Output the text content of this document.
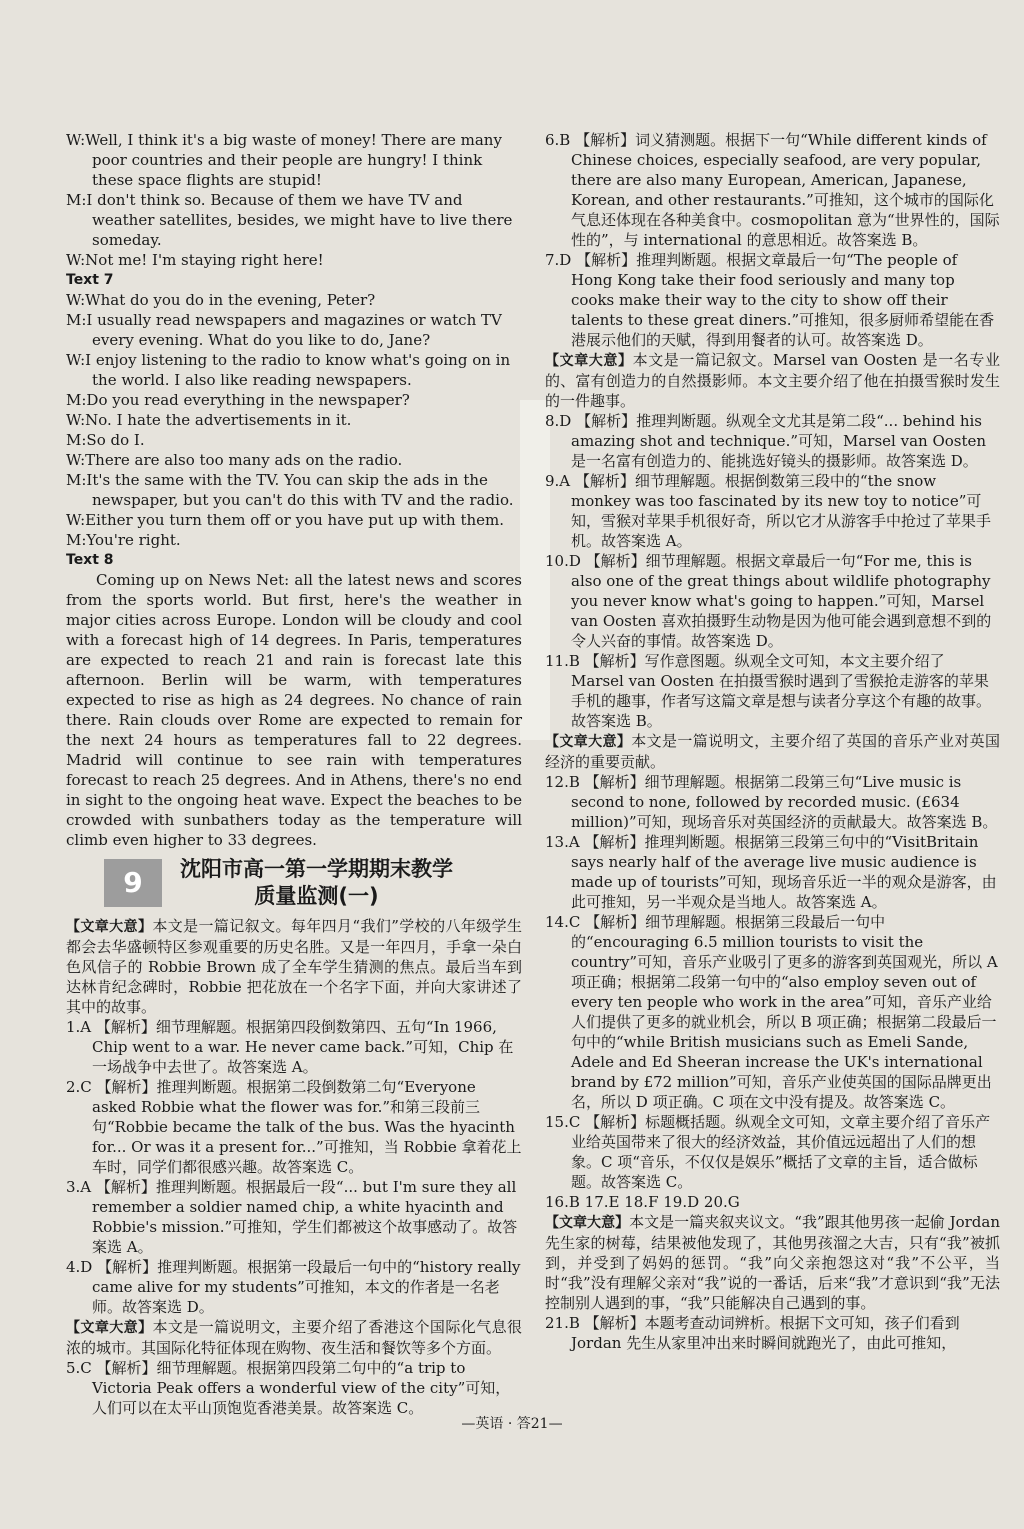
W:Well, I think it's a big waste of money! There are many poor countries and their people are hungry! I think these space flights are stupid!

M:I don't think so. Because of them we have TV and weather satellites, besides, we might have to live there someday.

W:Not me! I'm staying right here!

Text 7

W:What do you do in the evening, Peter?

M:I usually read newspapers and magazines or watch TV every evening. What do you like to do, Jane?

W:I enjoy listening to the radio to know what's going on in the world. I also like reading newspapers.

M:Do you read everything in the newspaper?

W:No. I hate the advertisements in it.

M:So do I.

W:There are also too many ads on the radio.

M:It's the same with the TV. You can skip the ads in the newspaper, but you can't do this with TV and the radio.

W:Either you turn them off or you have put up with them.

M:You're right.

Text 8

Coming up on News Net: all the latest news and scores from the sports world. But first, here's the weather in major cities across Europe. London will be cloudy and cool with a forecast high of 14 degrees. In Paris, temperatures are expected to reach 21 and rain is forecast late this afternoon. Berlin will be warm, with temperatures expected to rise as high as 24 degrees. No chance of rain there. Rain clouds over Rome are expected to remain for the next 24 hours as temperatures fall to 22 degrees. Madrid will continue to see rain with temperatures forecast to reach 25 degrees. And in Athens, there's no end in sight to the ongoing heat wave. Expect the beaches to be crowded with sunbathers today as the temperature will climb even higher to 33 degrees.

9	沈阳市高一第一学期期末教学
质量监测(一)

【文章大意】本文是一篇记叙文。每年四月“我们”学校的八年级学生都会去华盛顿特区参观重要的历史名胜。又是一年四月，手拿一朵白色风信子的 Robbie Brown 成了全车学生猜测的焦点。最后当车到达林肯纪念碑时，Robbie 把花放在一个名字下面，并向大家讲述了其中的故事。

1.A 【解析】细节理解题。根据第四段倒数第四、五句“In 1966, Chip went to a war. He never came back.”可知，Chip 在一场战争中去世了。故答案选 A。

2.C 【解析】推理判断题。根据第二段倒数第二句“Everyone asked Robbie what the flower was for.”和第三段前三句“Robbie became the talk of the bus. Was the hyacinth for... Or was it a present for...”可推知，当 Robbie 拿着花上车时，同学们都很感兴趣。故答案选 C。

3.A 【解析】推理判断题。根据最后一段“... but I'm sure they all remember a soldier named chip, a white hyacinth and Robbie's mission.”可推知，学生们都被这个故事感动了。故答案选 A。

4.D 【解析】推理判断题。根据第一段最后一句中的“history really came alive for my students”可推知，本文的作者是一名老师。故答案选 D。

【文章大意】本文是一篇说明文，主要介绍了香港这个国际化气息很浓的城市。其国际化特征体现在购物、夜生活和餐饮等多个方面。

5.C 【解析】细节理解题。根据第四段第二句中的“a trip to Victoria Peak offers a wonderful view of the city”可知，人们可以在太平山顶饱览香港美景。故答案选 C。

6.B 【解析】词义猜测题。根据下一句“While different kinds of Chinese choices, especially seafood, are very popular, there are also many European, American, Japanese, Korean, and other restaurants.”可推知，这个城市的国际化气息还体现在各种美食中。cosmopolitan 意为“世界性的，国际性的”，与 international 的意思相近。故答案选 B。

7.D 【解析】推理判断题。根据文章最后一句“The people of Hong Kong take their food seriously and many top cooks make their way to the city to show off their talents to these great diners.”可推知，很多厨师希望能在香港展示他们的天赋，得到用餐者的认可。故答案选 D。

【文章大意】本文是一篇记叙文。Marsel van Oosten 是一名专业的、富有创造力的自然摄影师。本文主要介绍了他在拍摄雪猴时发生的一件趣事。

8.D 【解析】推理判断题。纵观全文尤其是第二段“... behind his amazing shot and technique.”可知，Marsel van Oosten 是一名富有创造力的、能挑选好镜头的摄影师。故答案选 D。

9.A 【解析】细节理解题。根据倒数第三段中的“the snow monkey was too fascinated by its new toy to notice”可知，雪猴对苹果手机很好奇，所以它才从游客手中抢过了苹果手机。故答案选 A。

10.D 【解析】细节理解题。根据文章最后一句“For me, this is also one of the great things about wildlife photography you never know what's going to happen.”可知，Marsel van Oosten 喜欢拍摄野生动物是因为他可能会遇到意想不到的令人兴奋的事情。故答案选 D。

11.B 【解析】写作意图题。纵观全文可知，本文主要介绍了 Marsel van Oosten 在拍摄雪猴时遇到了雪猴抢走游客的苹果手机的趣事，作者写这篇文章是想与读者分享这个有趣的故事。故答案选 B。

【文章大意】本文是一篇说明文，主要介绍了英国的音乐产业对英国经济的重要贡献。

12.B 【解析】细节理解题。根据第二段第三句“Live music is second to none, followed by recorded music. (£634 million)”可知，现场音乐对英国经济的贡献最大。故答案选 B。

13.A 【解析】推理判断题。根据第三段第三句中的“VisitBritain says nearly half of the average live music audience is made up of tourists”可知，现场音乐近一半的观众是游客，由此可推知，另一半观众是当地人。故答案选 A。

14.C 【解析】细节理解题。根据第三段最后一句中的“encouraging 6.5 million tourists to visit the country”可知，音乐产业吸引了更多的游客到英国观光，所以 A 项正确；根据第二段第一句中的“also employ seven out of every ten people who work in the area”可知，音乐产业给人们提供了更多的就业机会，所以 B 项正确；根据第二段最后一句中的“while British musicians such as Emeli Sande, Adele and Ed Sheeran increase the UK's international brand by £72 million”可知，音乐产业使英国的国际品牌更出名，所以 D 项正确。C 项在文中没有提及。故答案选 C。

15.C 【解析】标题概括题。纵观全文可知，文章主要介绍了音乐产业给英国带来了很大的经济效益，其价值远远超出了人们的想象。C 项“音乐，不仅仅是娱乐”概括了文章的主旨，适合做标题。故答案选 C。

16.B 17.E 18.F 19.D 20.G

【文章大意】本文是一篇夹叙夹议文。“我”跟其他男孩一起偷 Jordan 先生家的树莓，结果被他发现了，其他男孩溜之大吉，只有“我”被抓到，并受到了妈妈的惩罚。“我”向父亲抱怨这对“我”不公平，当时“我”没有理解父亲对“我”说的一番话，后来“我”才意识到“我”无法控制别人遇到的事，“我”只能解决自己遇到的事。

21.B 【解析】本题考查动词辨析。根据下文可知，孩子们看到 Jordan 先生从家里冲出来时瞬间就跑光了，由此可推知，

—英语 · 答21—
